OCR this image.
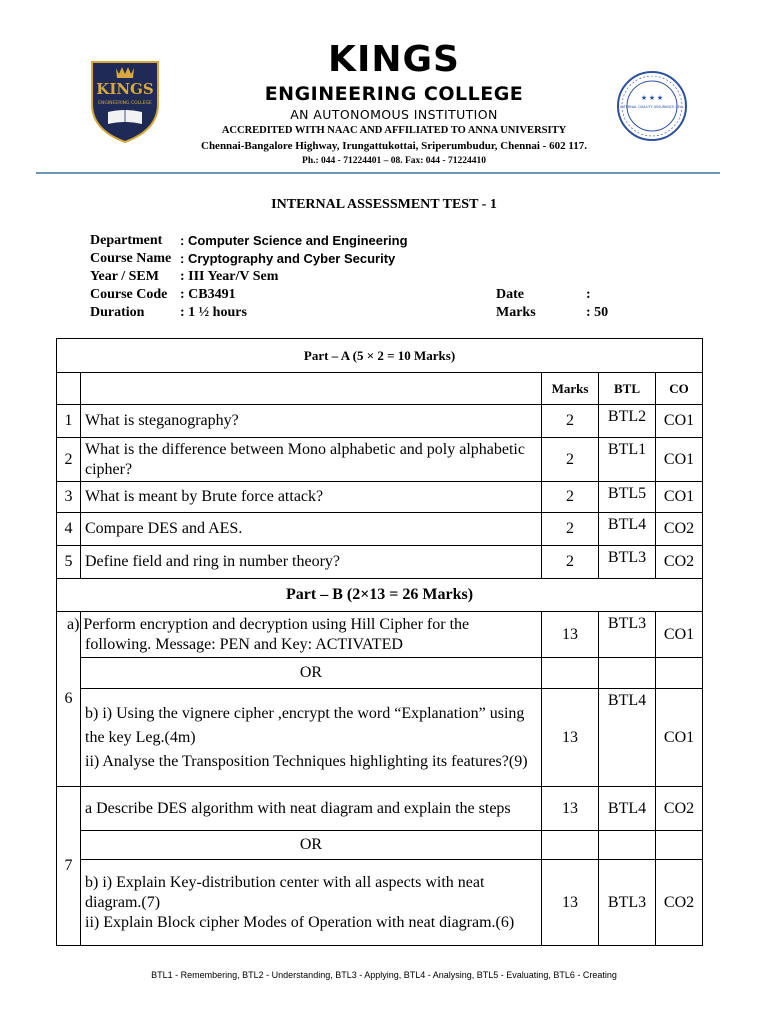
KINGS
ENGINEERING COLLEGE
KINGS
ENGINEERING COLLEGE
AN AUTONOMOUS INSTITUTION
ACCREDITED WITH NAAC AND AFFILIATED TO ANNA UNIVERSITY
Chennai-Bangalore Highway, Irungattukottai, Sriperumbudur, Chennai - 602 117.
Ph.: 044 - 71224401 – 08. Fax: 044 - 71224410
INTERNAL QUALITY ASSURANCE CELL
★ ★ ★
INTERNAL ASSESSMENT TEST - 1
Department : Computer Science and Engineering
Course Name : Cryptography and Cyber Security
Year / SEM : III Year/V Sem
Course Code : CB3491	Date	:
Duration	: 1 ½ hours	Marks	: 50
Part – A (5 × 2 = 10 Marks)				
		Marks	BTL	CO
1	What is steganography?	2	BTL2	CO1
2	What is the difference between Mono alphabetic and poly alphabetic cipher?	2	BTL1	CO1
3	What is meant by Brute force attack?	2	BTL5	CO1
4	Compare DES and AES.	2	BTL4	CO2
5	Define field and ring in number theory?	2	BTL3	CO2
Part – B (2×13 = 26 Marks)				
6	a) Perform encryption and decryption using Hill Cipher for the following. Message: PEN and Key: ACTIVATED	13	BTL3	CO1
	OR			

	b) i) Using the vignere cipher ,encrypt the word “Explanation” using the key Leg.(4m)
ii) Analyse the Transposition Techniques highlighting its features?(9)	13	BTL4	CO1
7	a Describe DES algorithm with neat diagram and explain the steps	13	BTL4	CO2
	OR			

	b) i) Explain Key-distribution center with all aspects with neat diagram.(7)
ii) Explain Block cipher Modes of Operation with neat diagram.(6)	13	BTL3	CO2
BTL1 - Remembering, BTL2 - Understanding, BTL3 - Applying, BTL4 - Analysing, BTL5 - Evaluating, BTL6 - Creating
